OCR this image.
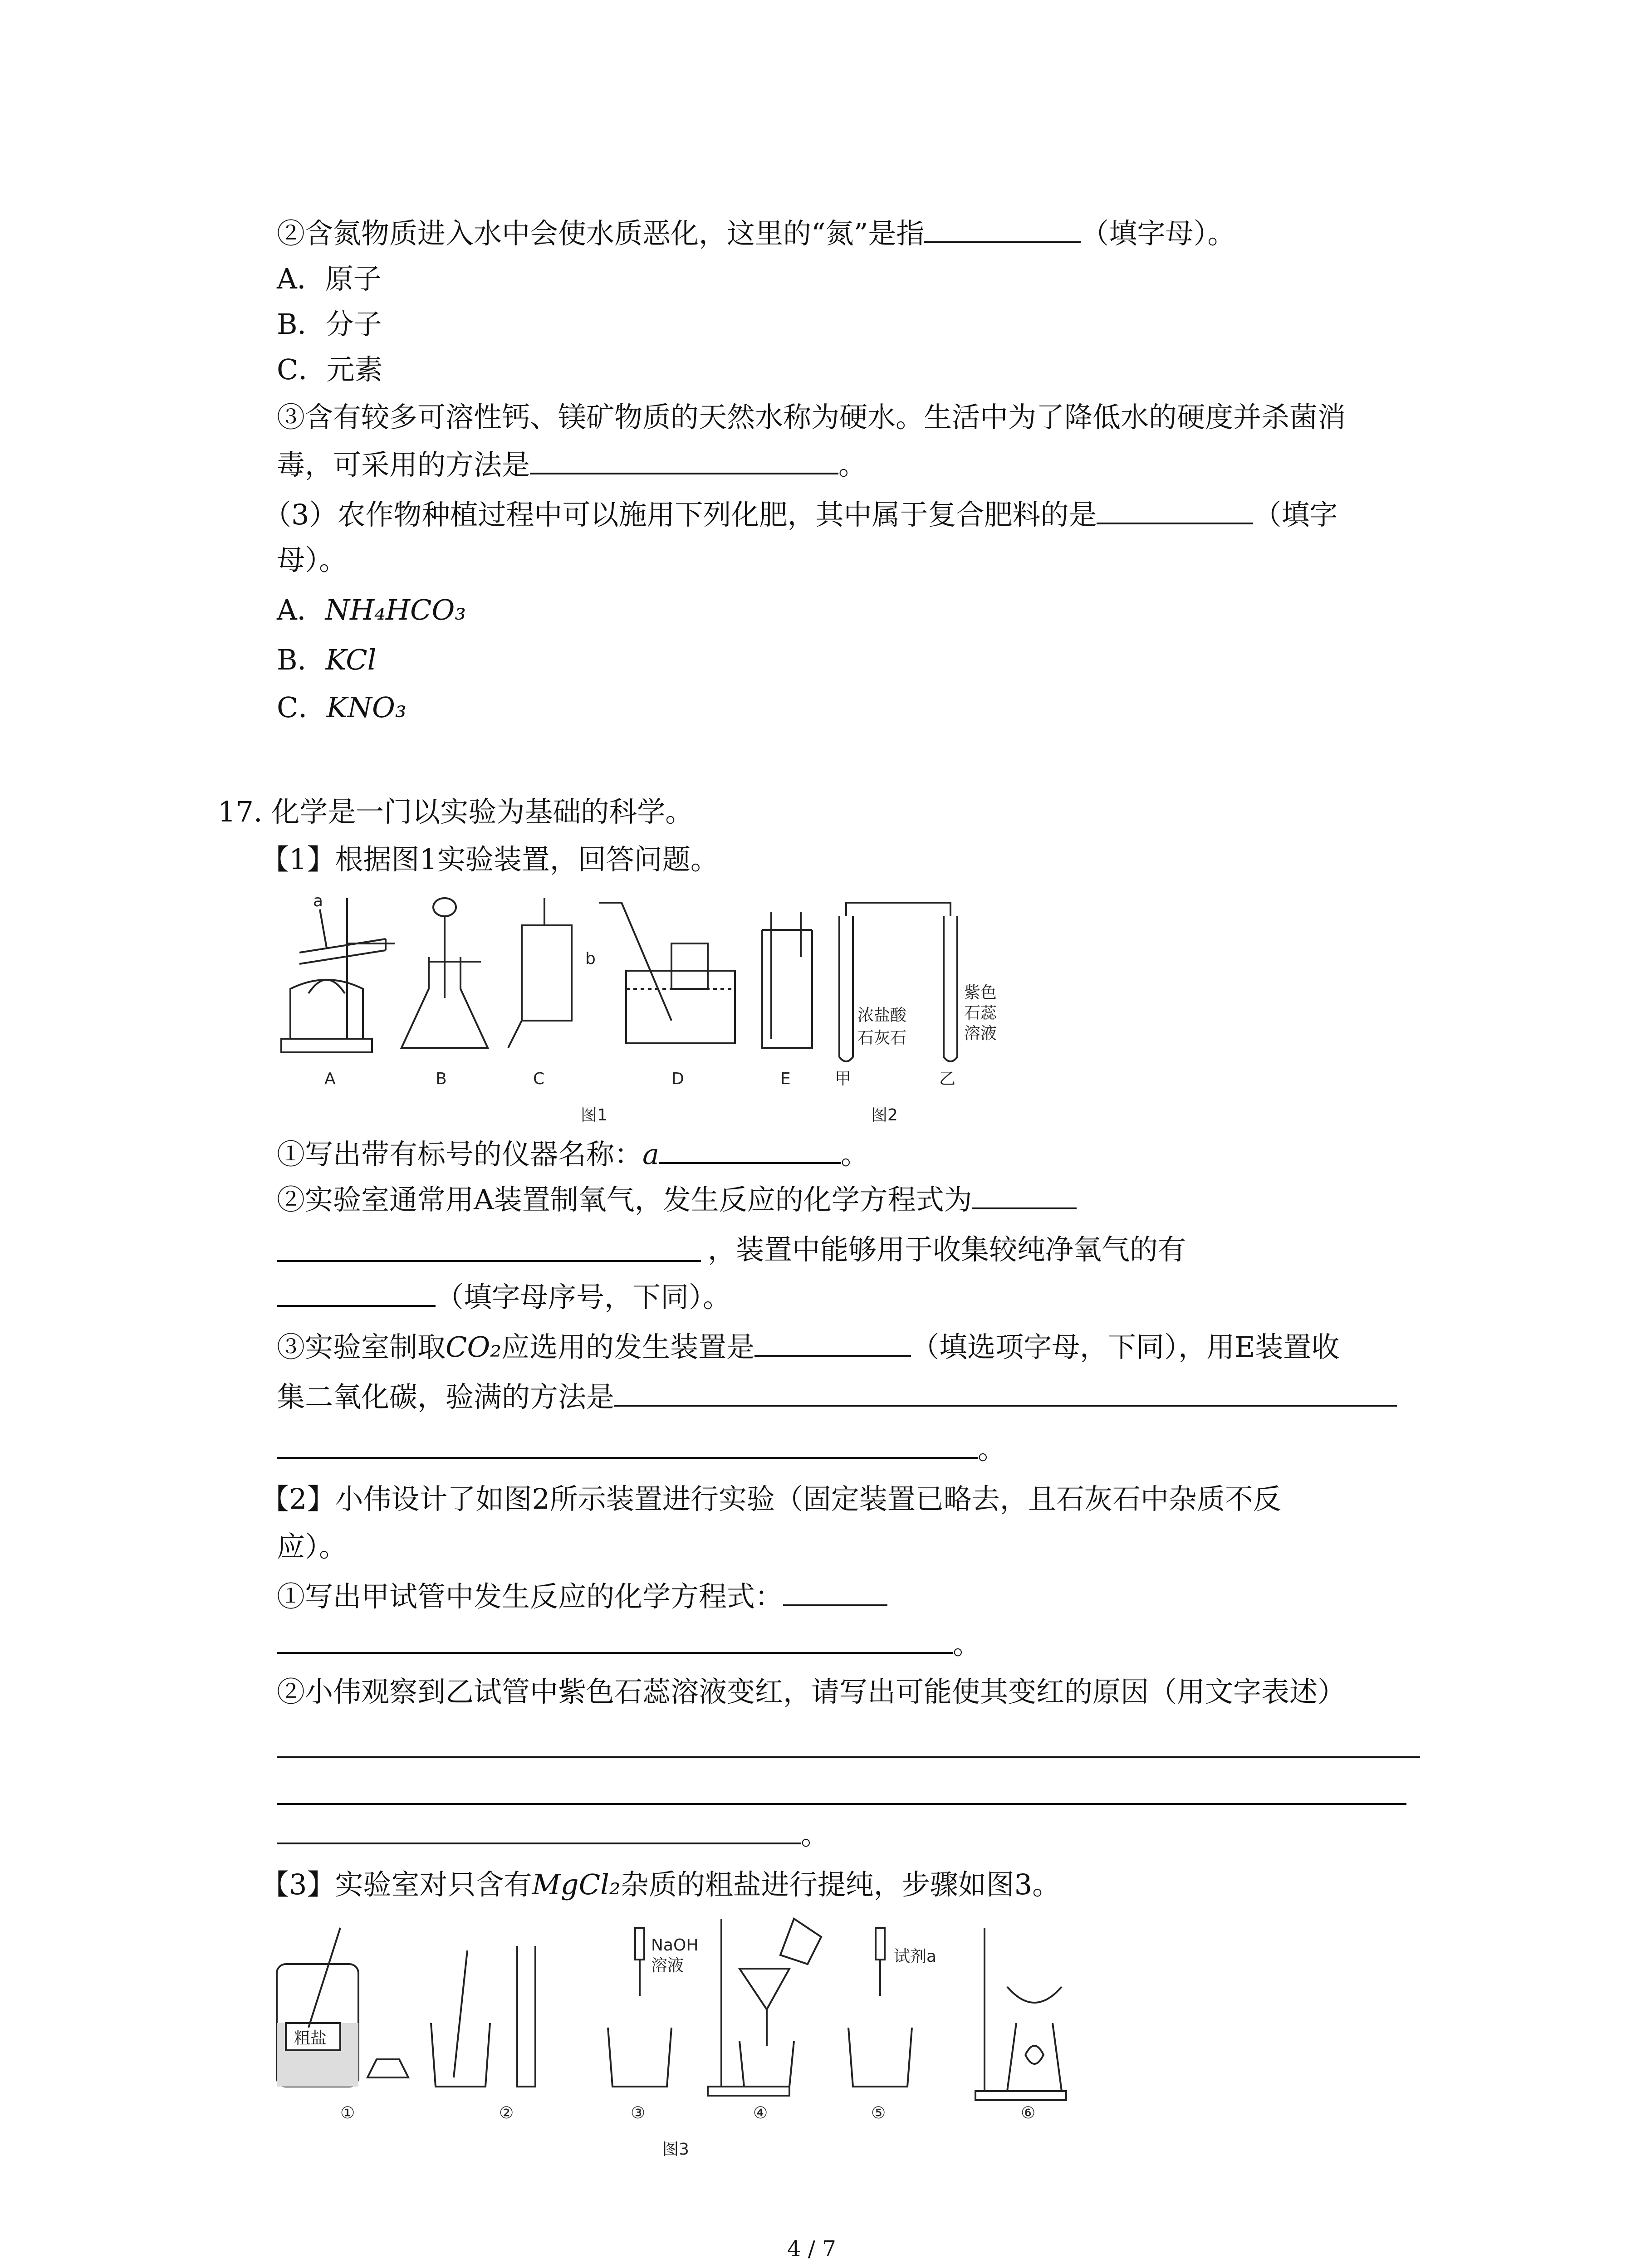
②含氮物质进入水中会使水质恶化，这里的“氮”是指	（填字母）。
A．原子
B．分子
C．元素
③含有较多可溶性钙、镁矿物质的天然水称为硬水。生活中为了降低水的硬度并杀菌消
毒，可采用的方法是	。
（3）农作物种植过程中可以施用下列化肥，其中属于复合肥料的是	（填字
母）。
A．NH₄HCO₃
B．KCl
C．KNO₃
17. 化学是一门以实验为基础的科学。
【1】根据图1实验装置，回答问题。
a
b
浓盐酸
石灰石
紫色
石蕊
溶液
甲	乙
A	B	C	D	E
图1	图2
①写出带有标号的仪器名称：a	。
②实验室通常用A装置制氧气，发生反应的化学方程式为
，装置中能够用于收集较纯净氧气的有
（填字母序号，下同）。
③实验室制取CO₂应选用的发生装置是	（填选项字母，下同），用E装置收
集二氧化碳，验满的方法是
。
【2】小伟设计了如图2所示装置进行实验（固定装置已略去，且石灰石中杂质不反
应）。
①写出甲试管中发生反应的化学方程式：
。
②小伟观察到乙试管中紫色石蕊溶液变红，请写出可能使其变红的原因（用文字表述）
。
【3】实验室对只含有MgCl₂杂质的粗盐进行提纯，步骤如图3。
粗盐
NaOH
溶液	试剂a
①	②	③	④	⑤	⑥
图3
4 / 7
